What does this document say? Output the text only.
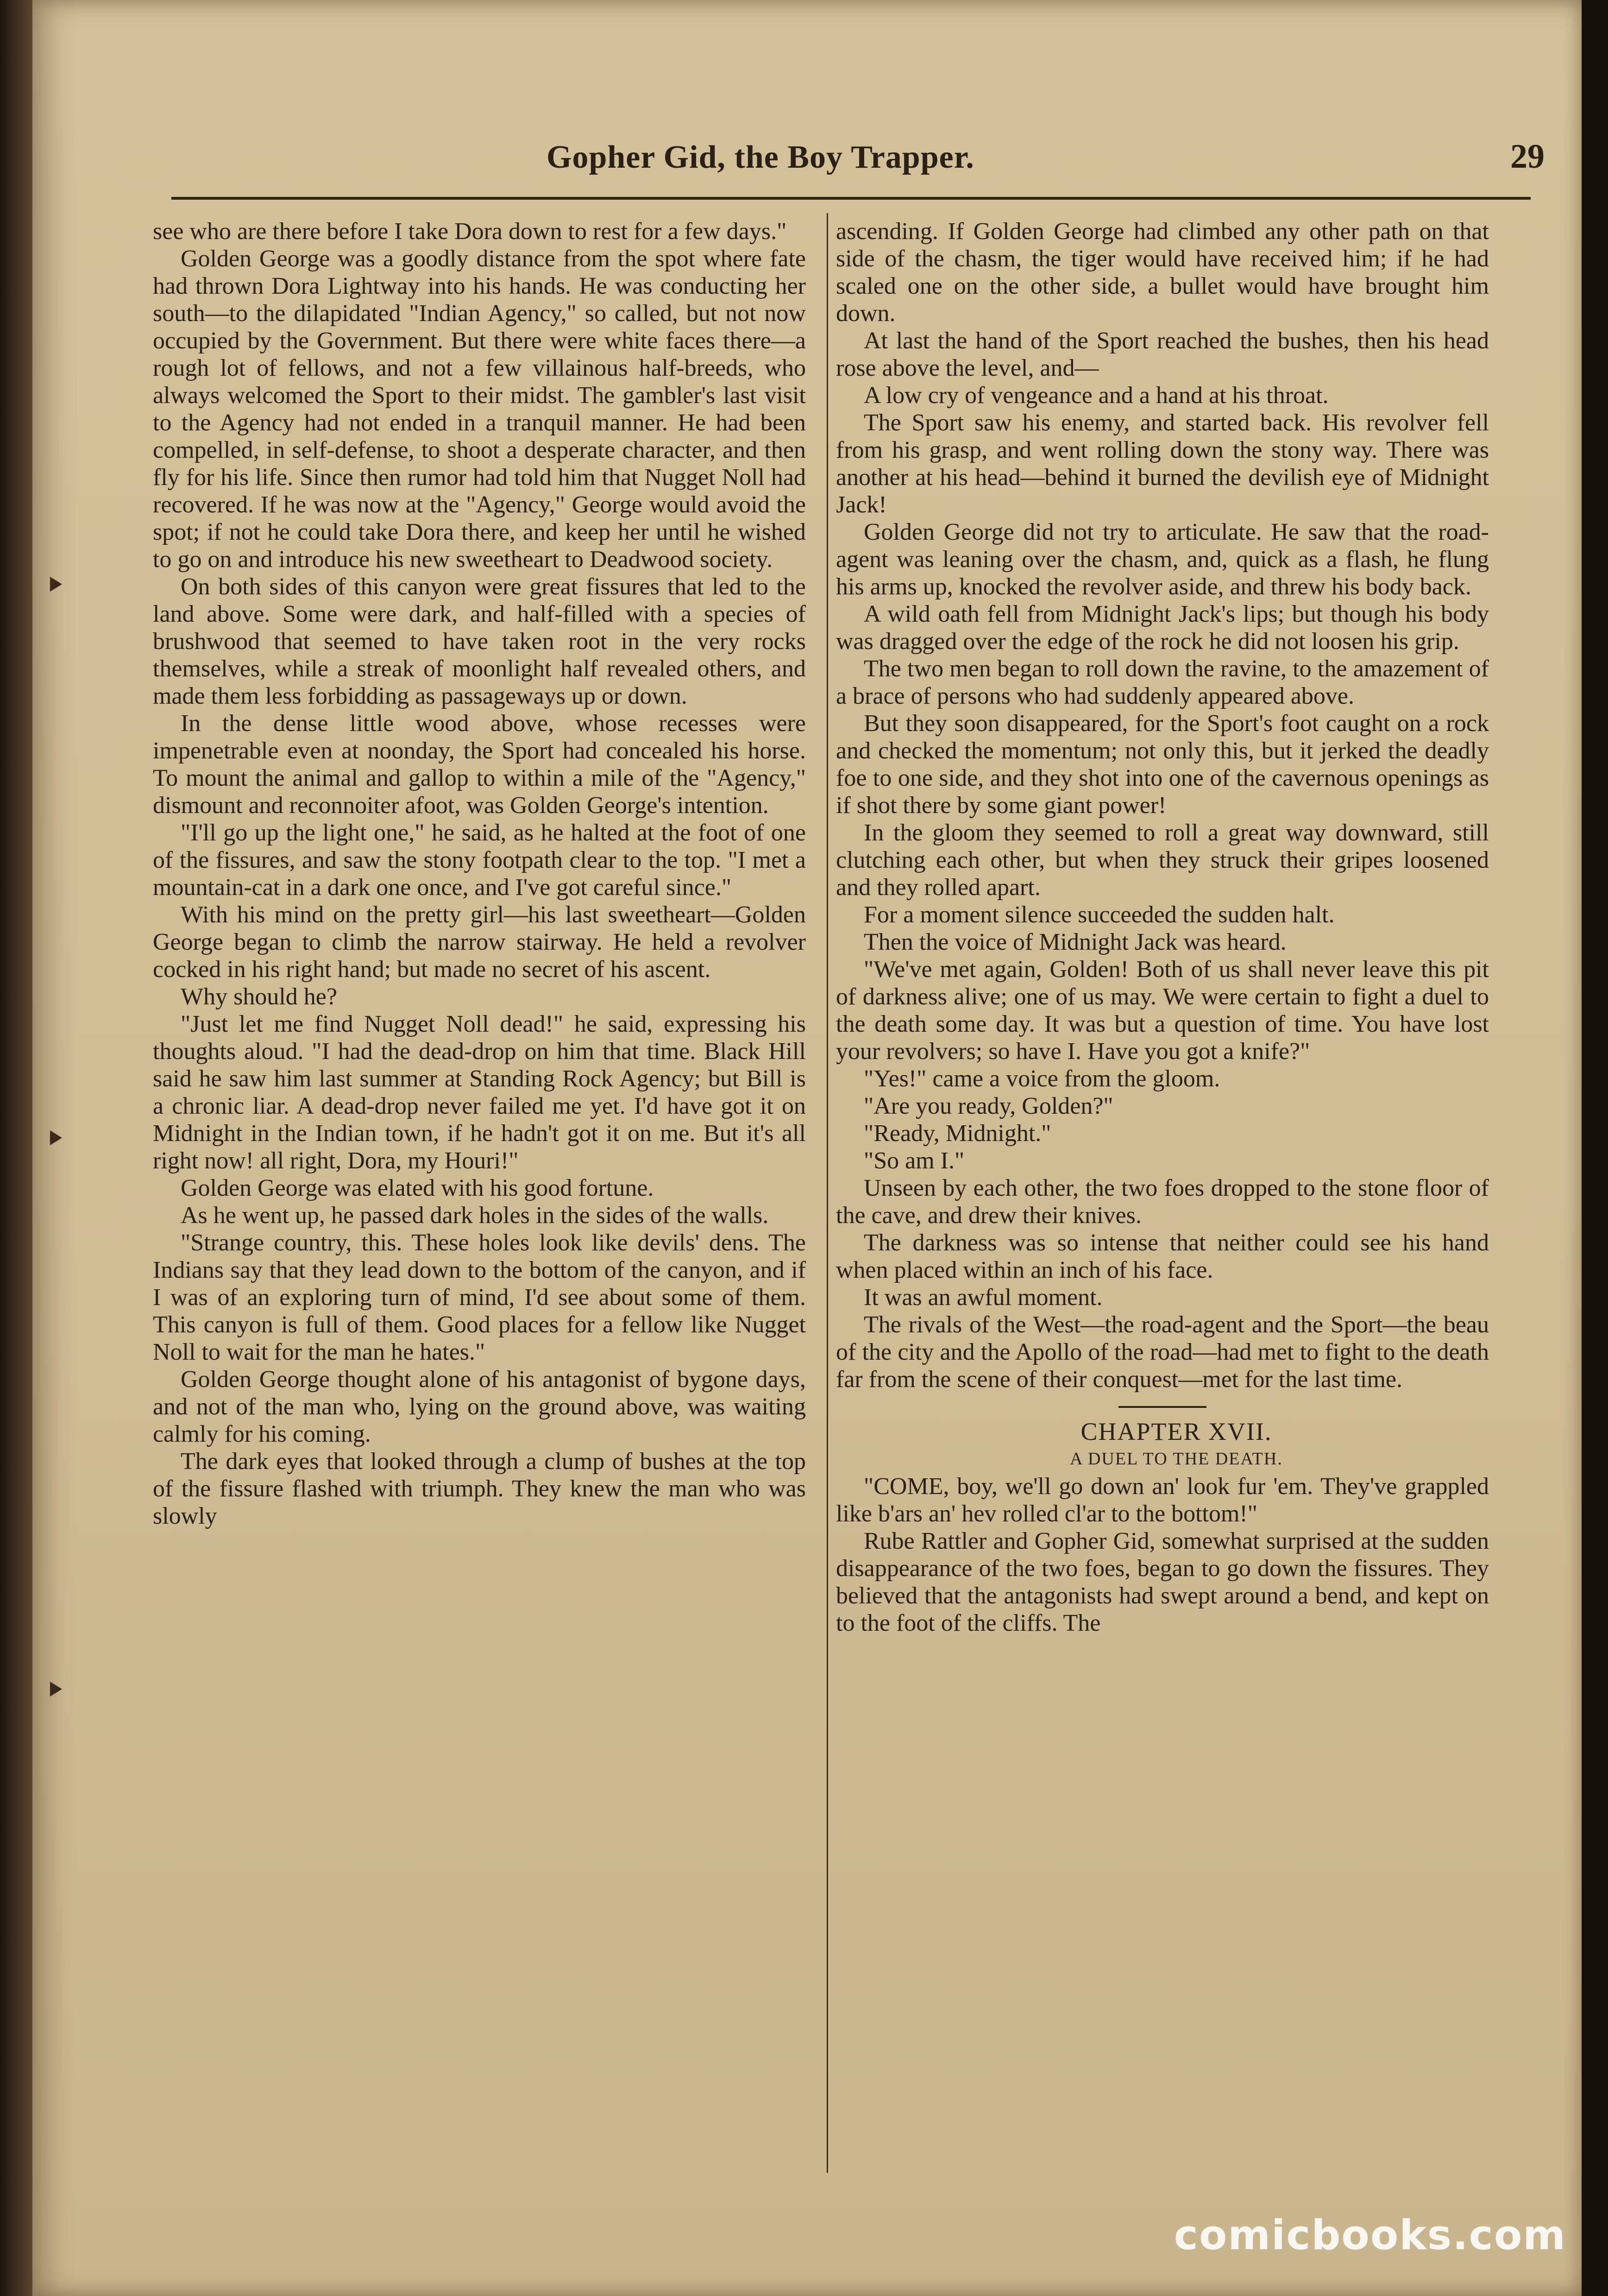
Gopher Gid, the Boy Trapper.	29

see who are there before I take Dora down to rest for a few days."

Golden George was a goodly distance from the spot where fate had thrown Dora Lightway into his hands. He was conducting her south—to the dilapidated "Indian Agency," so called, but not now occupied by the Government. But there were white faces there—a rough lot of fellows, and not a few villainous half-breeds, who always welcomed the Sport to their midst. The gambler's last visit to the Agency had not ended in a tranquil manner. He had been compelled, in self-defense, to shoot a desperate character, and then fly for his life. Since then rumor had told him that Nugget Noll had recovered. If he was now at the "Agency," George would avoid the spot; if not he could take Dora there, and keep her until he wished to go on and introduce his new sweetheart to Deadwood society.

On both sides of this canyon were great fissures that led to the land above. Some were dark, and half-filled with a species of brushwood that seemed to have taken root in the very rocks themselves, while a streak of moonlight half revealed others, and made them less forbidding as passageways up or down.

In the dense little wood above, whose recesses were impenetrable even at noonday, the Sport had concealed his horse. To mount the animal and gallop to within a mile of the "Agency," dismount and reconnoiter afoot, was Golden George's intention.

"I'll go up the light one," he said, as he halted at the foot of one of the fissures, and saw the stony footpath clear to the top. "I met a mountain-cat in a dark one once, and I've got careful since."

With his mind on the pretty girl—his last sweetheart—Golden George began to climb the narrow stairway. He held a revolver cocked in his right hand; but made no secret of his ascent.

Why should he?

"Just let me find Nugget Noll dead!" he said, expressing his thoughts aloud. "I had the dead-drop on him that time. Black Hill said he saw him last summer at Standing Rock Agency; but Bill is a chronic liar. A dead-drop never failed me yet. I'd have got it on Midnight in the Indian town, if he hadn't got it on me. But it's all right now! all right, Dora, my Houri!"

Golden George was elated with his good fortune.

As he went up, he passed dark holes in the sides of the walls.

"Strange country, this. These holes look like devils' dens. The Indians say that they lead down to the bottom of the canyon, and if I was of an exploring turn of mind, I'd see about some of them. This canyon is full of them. Good places for a fellow like Nugget Noll to wait for the man he hates."

Golden George thought alone of his antagonist of bygone days, and not of the man who, lying on the ground above, was waiting calmly for his coming.

The dark eyes that looked through a clump of bushes at the top of the fissure flashed with triumph. They knew the man who was slowly

ascending. If Golden George had climbed any other path on that side of the chasm, the tiger would have received him; if he had scaled one on the other side, a bullet would have brought him down.

At last the hand of the Sport reached the bushes, then his head rose above the level, and—

A low cry of vengeance and a hand at his throat.

The Sport saw his enemy, and started back. His revolver fell from his grasp, and went rolling down the stony way. There was another at his head—behind it burned the devilish eye of Midnight Jack!

Golden George did not try to articulate. He saw that the road-agent was leaning over the chasm, and, quick as a flash, he flung his arms up, knocked the revolver aside, and threw his body back.

A wild oath fell from Midnight Jack's lips; but though his body was dragged over the edge of the rock he did not loosen his grip.

The two men began to roll down the ravine, to the amazement of a brace of persons who had suddenly appeared above.

But they soon disappeared, for the Sport's foot caught on a rock and checked the momentum; not only this, but it jerked the deadly foe to one side, and they shot into one of the cavernous openings as if shot there by some giant power!

In the gloom they seemed to roll a great way downward, still clutching each other, but when they struck their gripes loosened and they rolled apart.

For a moment silence succeeded the sudden halt.

Then the voice of Midnight Jack was heard.

"We've met again, Golden! Both of us shall never leave this pit of darkness alive; one of us may. We were certain to fight a duel to the death some day. It was but a question of time. You have lost your revolvers; so have I. Have you got a knife?"

"Yes!" came a voice from the gloom.

"Are you ready, Golden?"

"Ready, Midnight."

"So am I."

Unseen by each other, the two foes dropped to the stone floor of the cave, and drew their knives.

The darkness was so intense that neither could see his hand when placed within an inch of his face.

It was an awful moment.

The rivals of the West—the road-agent and the Sport—the beau of the city and the Apollo of the road—had met to fight to the death far from the scene of their conquest—met for the last time.

CHAPTER XVII.

A DUEL TO THE DEATH.

"COME, boy, we'll go down an' look fur 'em. They've grappled like b'ars an' hev rolled cl'ar to the bottom!"

Rube Rattler and Gopher Gid, somewhat surprised at the sudden disappearance of the two foes, began to go down the fissures. They believed that the antagonists had swept around a bend, and kept on to the foot of the cliffs. The

comicbooks.com
